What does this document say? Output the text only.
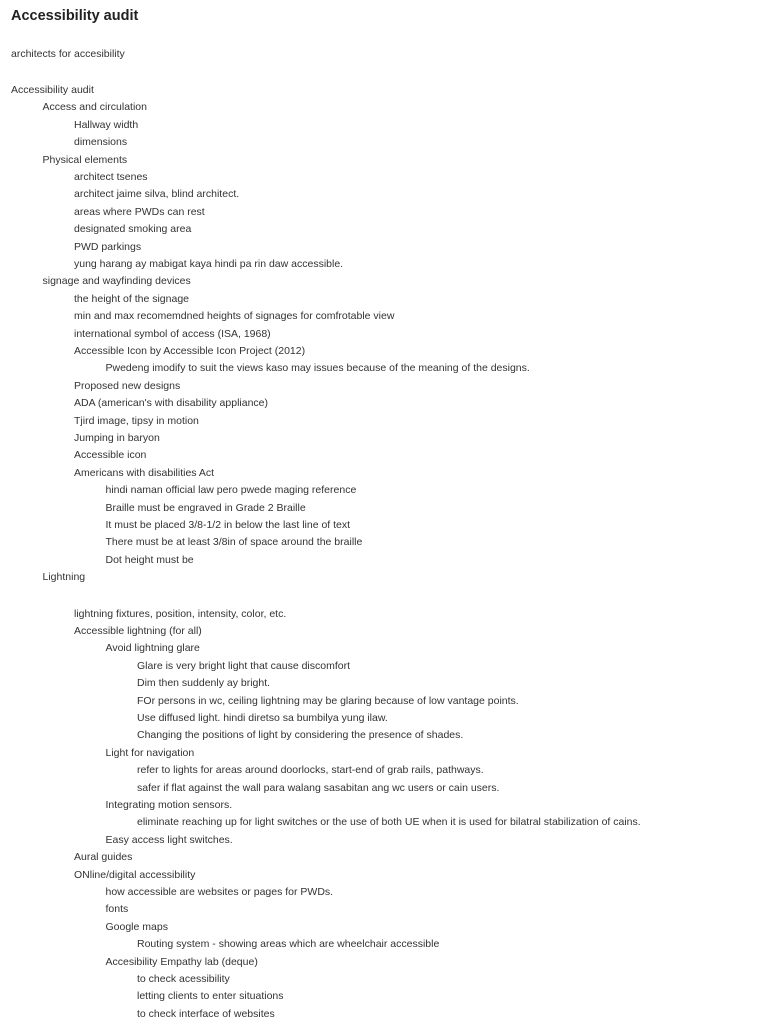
Accessibility audit
architects for accesibility
Accessibility audit
Access and circulation
Hallway width
dimensions
Physical elements
architect tsenes
architect jaime silva, blind architect.
areas where PWDs can rest
designated smoking area
PWD parkings
yung harang ay mabigat kaya hindi pa rin daw accessible.
signage and wayfinding devices
the height of the signage
min and max recomemdned heights of signages for comfrotable view
international symbol of access (ISA, 1968)
Accessible Icon by Accessible Icon Project (2012)
Pwedeng imodify to suit the views kaso may issues because of the meaning of the designs.
Proposed new designs
ADA (american's with disability appliance)
Tjird image, tipsy in motion
Jumping in baryon
Accessible icon
Americans with disabilities Act
hindi naman official law pero pwede maging reference
Braille must be engraved in Grade 2 Braille
It must be placed 3/8-1/2 in below the last line of text
There must be at least 3/8in of space around the braille
Dot height must be
Lightning
lightning fixtures, position, intensity, color, etc.
Accessible lightning (for all)
Avoid lightning glare
Glare is very bright light that cause discomfort
Dim then suddenly ay bright.
FOr persons in wc, ceiling lightning may be glaring because of low vantage points.
Use diffused light. hindi diretso sa bumbilya yung ilaw.
Changing the positions of light by considering the presence of shades.
Light for navigation
refer to lights for areas around doorlocks, start-end of grab rails, pathways.
safer if flat against the wall para walang sasabitan ang wc users or cain users.
Integrating motion sensors.
eliminate reaching up for light switches or the use of both UE when it is used for bilatral stabilization of cains.
Easy access light switches.
Aural guides
ONline/digital accessibility
how accessible are websites or pages for PWDs.
fonts
Google maps
Routing system - showing areas which are wheelchair accessible
Accesibility Empathy lab (deque)
to check acessibility
letting clients to enter situations
to check interface of websites
